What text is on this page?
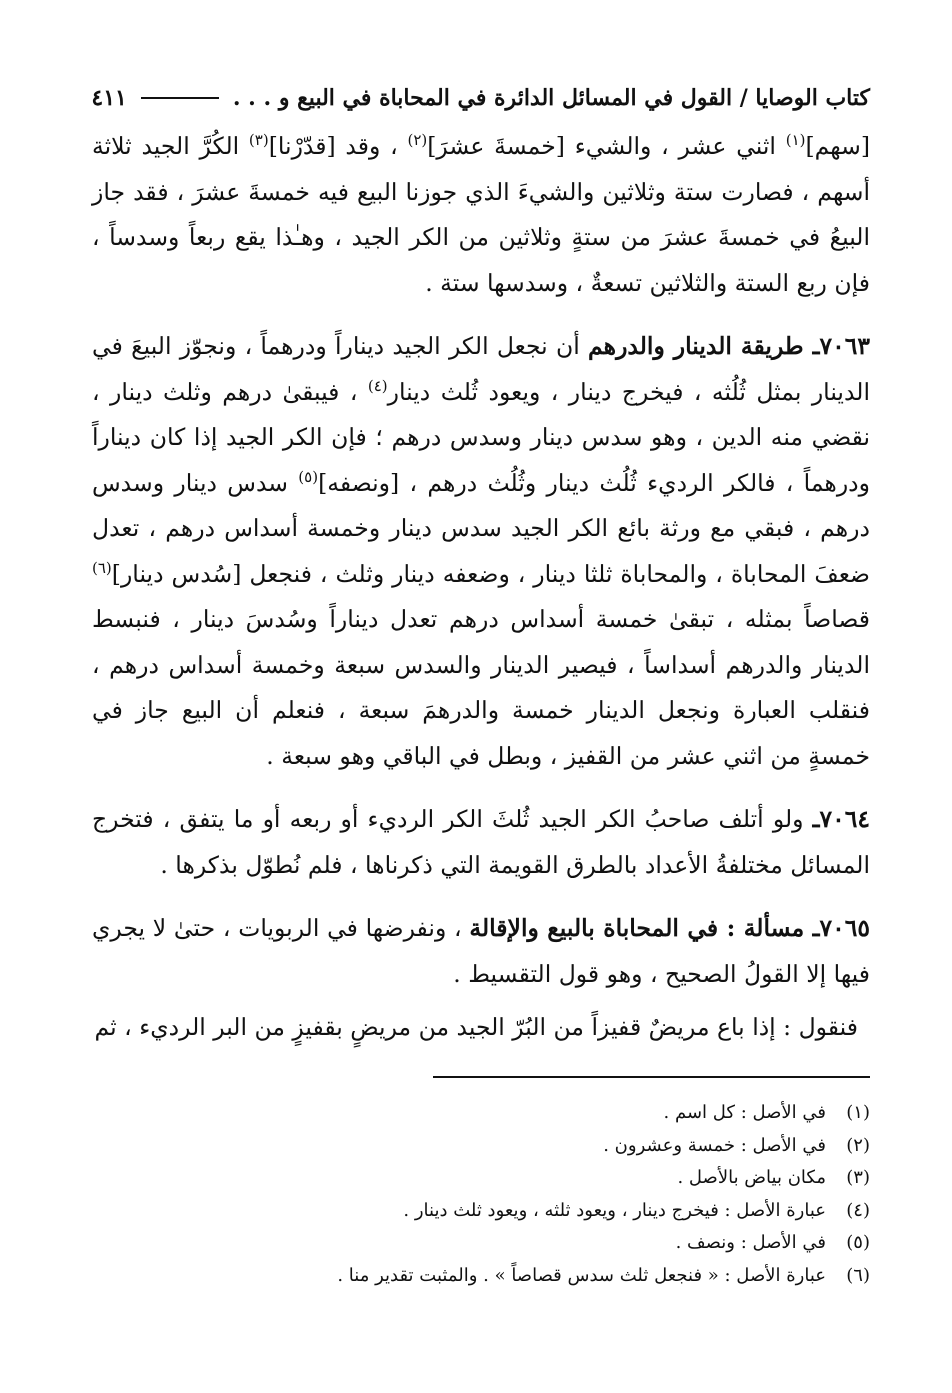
كتاب الوصايا / القول في المسائل الدائرة في المحاباة في البيع و . . .
٤١١

[سهم]$^{(١)}$ اثني عشر ، والشيء [خمسةَ عشرَ]$^{(٢)}$ ، وقد [قدّرْنا]$^{(٣)}$ الكُرَّ الجيد ثلاثة أسهم ، فصارت ستة وثلاثين والشيءَ الذي جوزنا البيع فيه خمسةَ عشرَ ، فقد جاز البيعُ في خمسةَ عشرَ من ستةٍ وثلاثين من الكر الجيد ، وهـٰذا يقع ربعاً وسدساً ، فإن ربع الستة والثلاثين تسعةٌ ، وسدسها ستة .

٧٠٦٣ـ طريقة الدينار والدرهم أن نجعل الكر الجيد ديناراً ودرهماً ، ونجوّز البيعَ في الدينار بمثل ثُلُثه ، فيخرج دينار ، ويعود ثُلث دينار$^{(٤)}$ ، فيبقىٰ درهم وثلث دينار ، نقضي منه الدين ، وهو سدس دينار وسدس درهم ؛ فإن الكر الجيد إذا كان ديناراً ودرهماً ، فالكر الرديء ثُلُث دينار وثُلُث درهم ، [ونصفه]$^{(٥)}$ سدس دينار وسدس درهم ، فبقي مع ورثة بائع الكر الجيد سدس دينار وخمسة أسداس درهم ، تعدل ضعفَ المحاباة ، والمحاباة ثلثا دينار ، وضعفه دينار وثلث ، فنجعل [سُدس دينار]$^{(٦)}$ قصاصاً بمثله ، تبقىٰ خمسة أسداس درهم تعدل ديناراً وسُدسَ دينار ، فنبسط الدينار والدرهم أسداساً ، فيصير الدينار والسدس سبعة وخمسة أسداس درهم ، فنقلب العبارة ونجعل الدينار خمسة والدرهمَ سبعة ، فنعلم أن البيع جاز في خمسةٍ من اثني عشر من القفيز ، وبطل في الباقي وهو سبعة .

٧٠٦٤ـ ولو أتلف صاحبُ الكر الجيد ثُلثَ الكر الرديء أو ربعه أو ما يتفق ، فتخرج المسائل مختلفةُ الأعداد بالطرق القويمة التي ذكرناها ، فلم نُطوّل بذكرها .

٧٠٦٥ـ مسألة : في المحاباة بالبيع والإقالة ، ونفرضها في الربويات ، حتىٰ لا يجري فيها إلا القولُ الصحيح ، وهو قول التقسيط .

فنقول : إذا باع مريضٌ قفيزاً من البُرّ الجيد من مريضٍ بقفيزٍ من البر الرديء ، ثم

(١)
في الأصل : كل اسم .
(٢)
في الأصل : خمسة وعشرون .
(٣)
مكان بياض بالأصل .
(٤)
عبارة الأصل : فيخرج دينار ، ويعود ثلثه ، ويعود ثلث دينار .
(٥)
في الأصل : ونصف .
(٦)
عبارة الأصل : « فنجعل ثلث سدس قصاصاً » . والمثبت تقدير منا .
